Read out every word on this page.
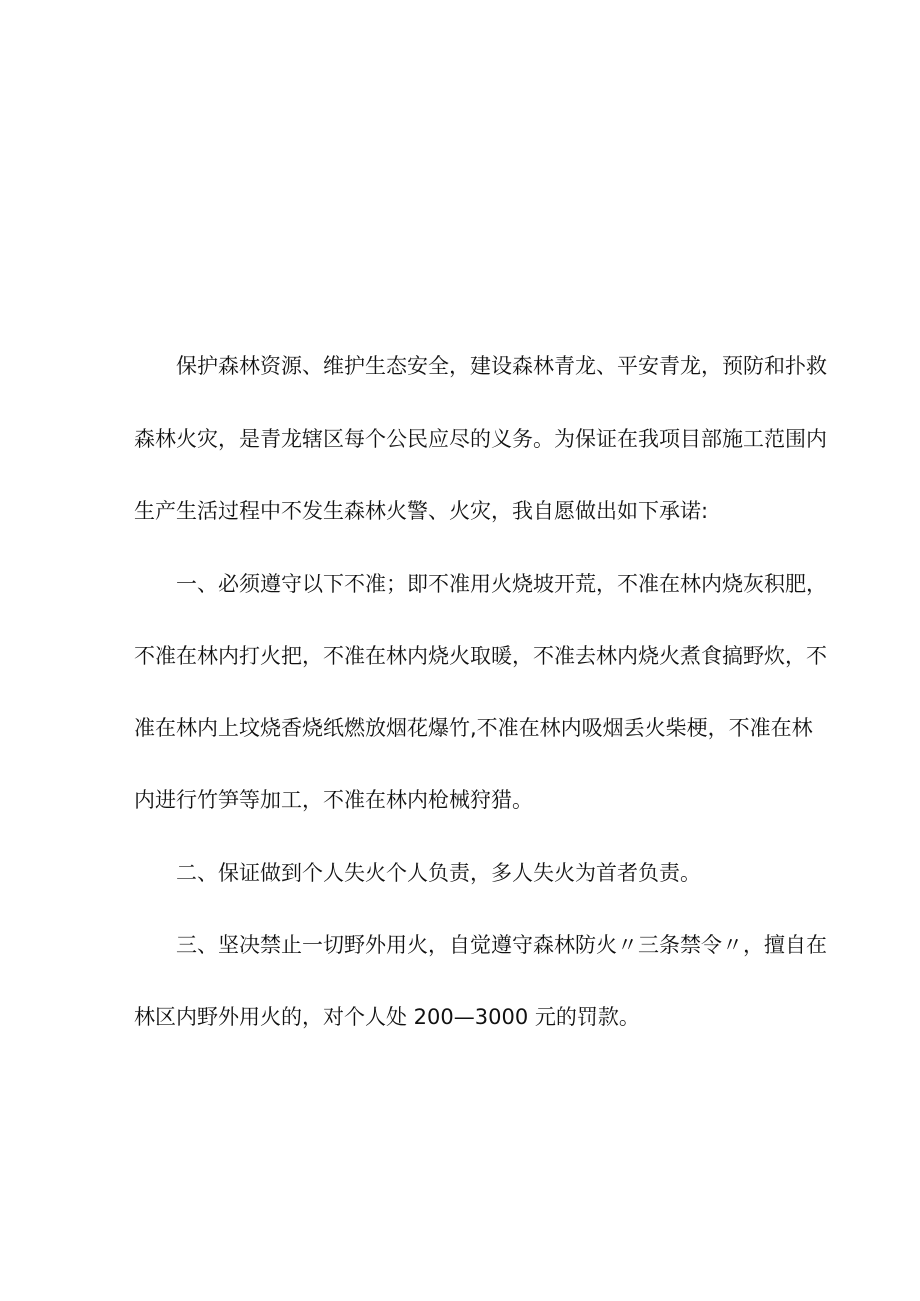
保护森林资源、维护生态安全，建设森林青龙、平安青龙，预防和扑救
森林火灾，是青龙辖区每个公民应尽的义务。为保证在我项目部施工范围内
生产生活过程中不发生森林火警、火灾，我自愿做出如下承诺:
一、必须遵守以下不准；即不准用火烧坡开荒，不准在林内烧灰积肥，
不准在林内打火把，不准在林内烧火取暖，不准去林内烧火煮食搞野炊，不
准在林内上坟烧香烧纸燃放烟花爆竹,不准在林内吸烟丢火柴梗，不准在林
内进行竹笋等加工，不准在林内枪械狩猎。
二、保证做到个人失火个人负责，多人失火为首者负责。
三、坚决禁止一切野外用火，自觉遵守森林防火〃三条禁令〃，擅自在
林区内野外用火的，对个人处 200—3000 元的罚款。
